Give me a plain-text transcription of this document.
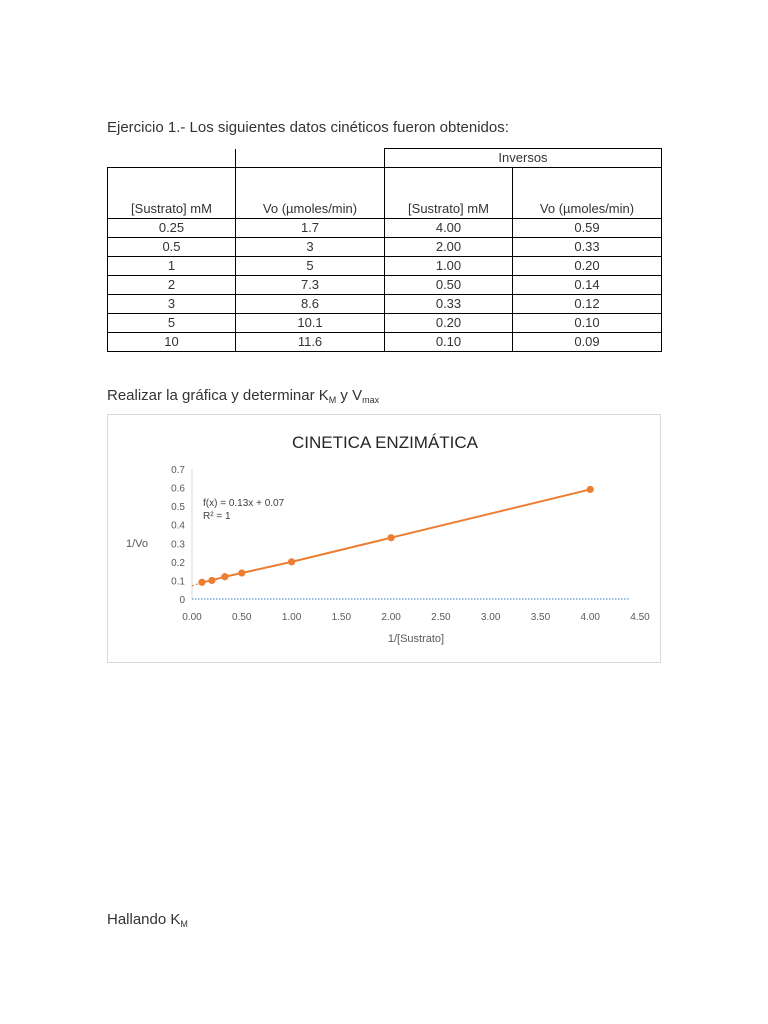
Ejercicio 1.- Los siguientes datos cinéticos fueron obtenidos:
		Inversos	
[Sustrato] mM	Vo (µmoles/min)	[Sustrato] mM	Vo (µmoles/min)
0.25	1.7	4.00	0.59
0.5	3	2.00	0.33
1	5	1.00	0.20
2	7.3	0.50	0.14
3	8.6	0.33	0.12
5	10.1	0.20	0.10
10	11.6	0.10	0.09
Realizar la gráfica y determinar $K_M$ y $V_{max}$
CINETICA ENZIMÁTICA
0
0.1
0.2
0.3
0.4
0.5
0.6
0.7
0.00	0.50	1.00	1.50	2.00	2.50	3.00	3.50	4.00	4.50
f(x) = 0.13x + 0.07
R² = 1
1/Vo
1/[Sustrato]
Hallando $K_M$
